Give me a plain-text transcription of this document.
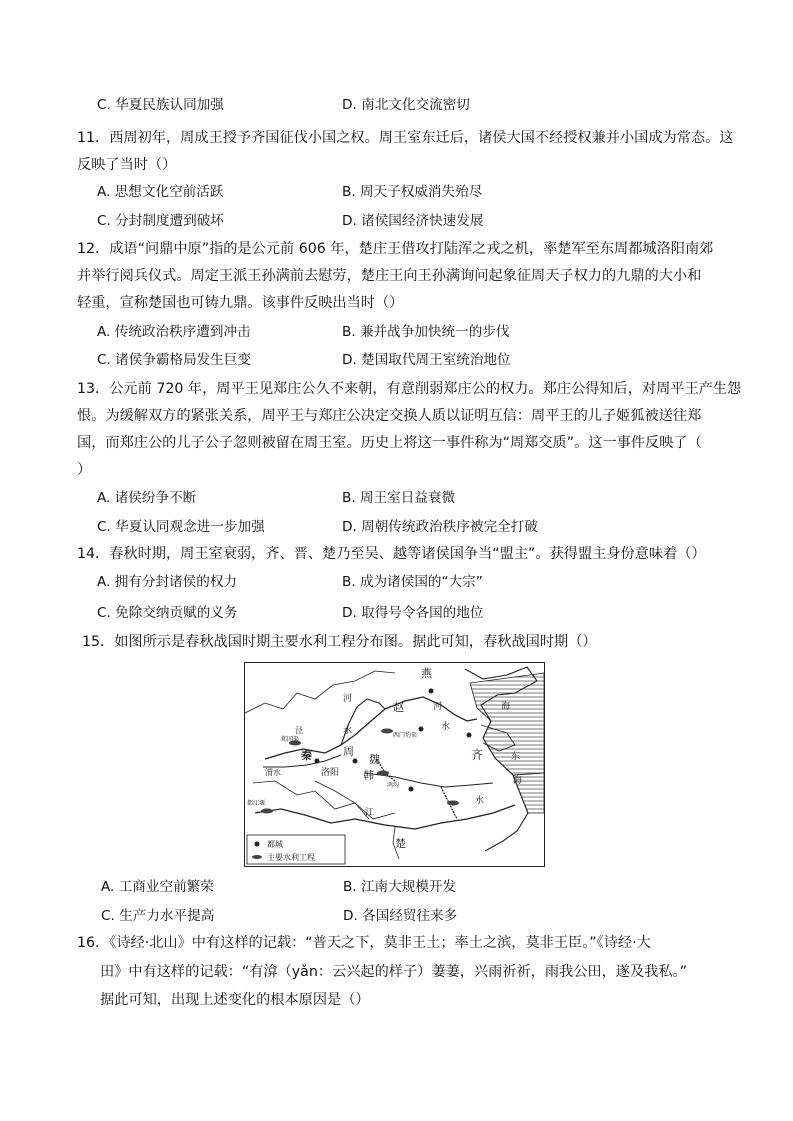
C. 华夏民族认同加强	D. 南北文化交流密切
11．西周初年，周成王授予齐国征伐小国之权。周王室东迁后，诸侯大国不经授权兼并小国成为常态。这
反映了当时（）
A. 思想文化空前活跃	B. 周天子权威消失殆尽
C. 分封制度遭到破坏	D. 诸侯国经济快速发展
12．成语“问鼎中原”指的是公元前 606 年，楚庄王借攻打陆浑之戎之机，率楚军至东周都城洛阳南郊
并举行阅兵仪式。周定王派王孙满前去慰劳，楚庄王向王孙满询问起象征周天子权力的九鼎的大小和
轻重，宣称楚国也可铸九鼎。该事件反映出当时（）
A. 传统政治秩序遭到冲击	B. 兼并战争加快统一的步伐
C. 诸侯争霸格局发生巨变	D. 楚国取代周王室统治地位
13．公元前 720 年，周平王见郑庄公久不来朝，有意削弱郑庄公的权力。郑庄公得知后，对周平王产生怨
恨。为缓解双方的紧张关系，周平王与郑庄公决定交换人质以证明互信：周平王的儿子姬狐被送往郑
国，而郑庄公的儿子公子忽则被留在周王室。历史上将这一事件称为“周郑交质”。这一事件反映了（
）
A. 诸侯纷争不断	B. 周王室日益衰微
C. 华夏认同观念进一步加强	D. 周朝传统政治秩序被完全打破
14．春秋时期，周王室衰弱，齐、晋、楚乃至吴、越等诸侯国争当“盟主”。获得盟主身份意味着（）
A. 拥有分封诸侯的权力	B. 成为诸侯国的“大宗”
C. 免除交纳贡赋的义务	D. 取得号令各国的地位
15．如图所示是春秋战国时期主要水利工程分布图。据此可知，春秋战国时期（）
燕
赵
齐
秦	周
魏
韩
楚
洛阳
河
河
水	水
水
海
海
东
江
西门豹渠
郑国渠
鸿沟
都江堰
泾
渭水
都城
主要水利工程
A. 工商业空前繁荣	B. 江南大规模开发
C. 生产力水平提高	D. 各国经贸往来多
16．《诗经·北山》中有这样的记载：“普天之下，莫非王土；率土之滨，莫非王臣。”《诗经·大
田》中有这样的记载：“有渰（yǎn：云兴起的样子）萋萋，兴雨祈祈，雨我公田，遂及我私。”
据此可知，出现上述变化的根本原因是（）
